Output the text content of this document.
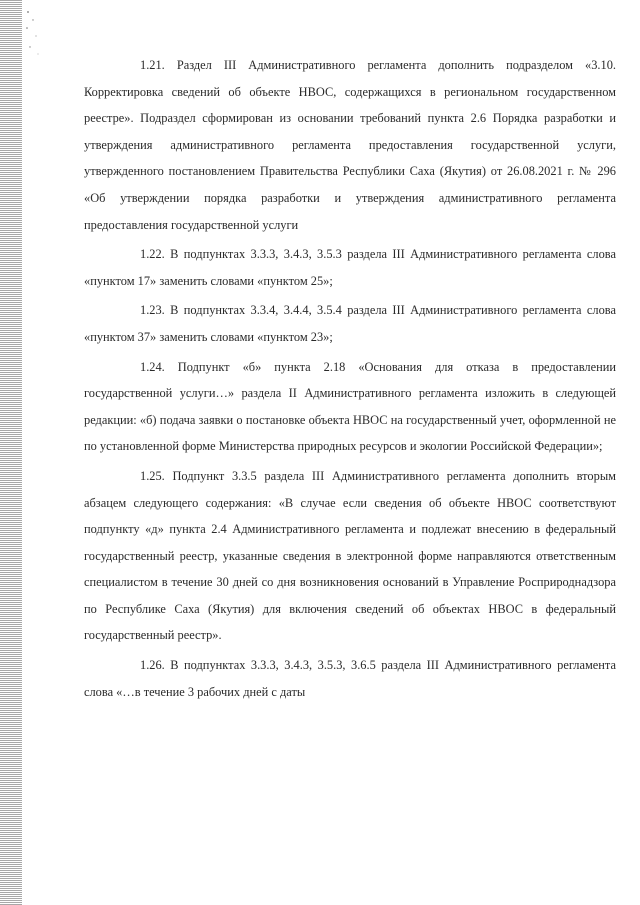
1.21. Раздел III Административного регламента дополнить подразделом «3.10. Корректировка сведений об объекте НВОС, содержащихся в региональном государственном реестре». Подраздел сформирован из основании требований пункта 2.6 Порядка разработки и утверждения административного регламента предоставления государственной услуги, утвержденного постановлением Правительства Республики Саха (Якутия) от 26.08.2021 г. № 296 «Об утверждении порядка разработки и утверждения административного регламента предоставления государственной услуги

1.22. В подпунктах 3.3.3, 3.4.3, 3.5.3 раздела III Административного регламента слова «пунктом 17» заменить словами «пунктом 25»;

1.23. В подпунктах 3.3.4, 3.4.4, 3.5.4 раздела III Административного регламента слова «пунктом 37» заменить словами «пунктом 23»;

1.24. Подпункт «б» пункта 2.18 «Основания для отказа в предоставлении государственной услуги…» раздела II Административного регламента изложить в следующей редакции: «б) подача заявки о постановке объекта НВОС на государственный учет, оформленной не по установленной форме Министерства природных ресурсов и экологии Российской Федерации»;

1.25. Подпункт 3.3.5 раздела III Административного регламента дополнить вторым абзацем следующего содержания: «В случае если сведения об объекте НВОС соответствуют подпункту «д» пункта 2.4 Административного регламента и подлежат внесению в федеральный государственный реестр, указанные сведения в электронной форме направляются ответственным специалистом в течение 30 дней со дня возникновения оснований в Управление Росприроднадзора по Республике Саха (Якутия) для включения сведений об объектах НВОС в федеральный государственный реестр».

1.26. В подпунктах 3.3.3, 3.4.3, 3.5.3, 3.6.5 раздела III Административного регламента слова «…в течение 3 рабочих дней с даты
